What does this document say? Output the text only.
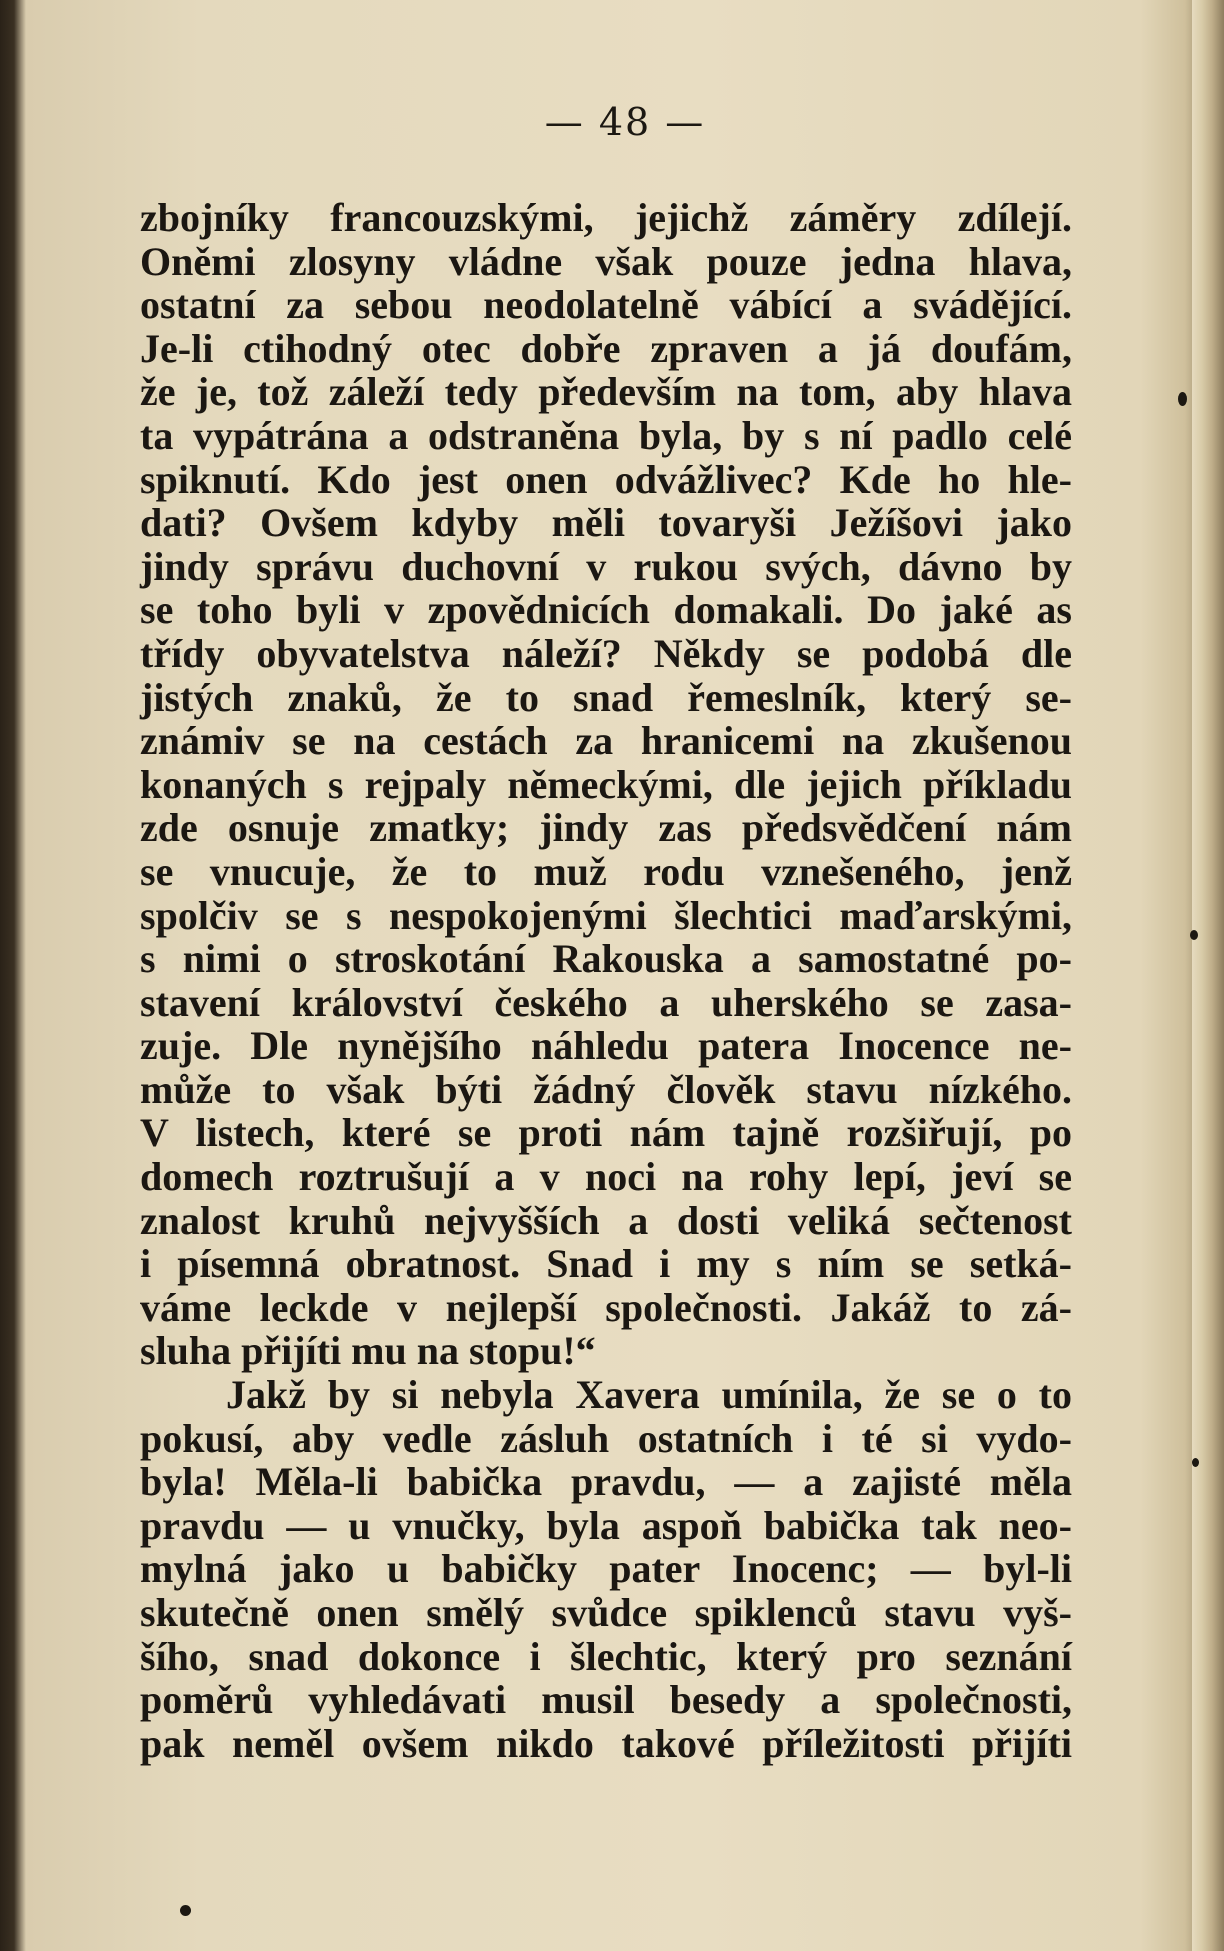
— 48 —
zbojníky francouzskými, jejichž záměry zdílejí.
Oněmi zlosyny vládne však pouze jedna hlava,
ostatní za sebou neodolatelně vábící a svádějící.
Je-li ctihodný otec dobře zpraven a já doufám,
že je, tož záleží tedy především na tom, aby hlava
ta vypátrána a odstraněna byla, by s ní padlo celé
spiknutí. Kdo jest onen odvážlivec? Kde ho hle-
dati? Ovšem kdyby měli tovaryši Ježíšovi jako
jindy správu duchovní v rukou svých, dávno by
se toho byli v zpovědnicích domakali. Do jaké as
třídy obyvatelstva náleží? Někdy se podobá dle
jistých znaků, že to snad řemeslník, který se-
známiv se na cestách za hranicemi na zkušenou
konaných s rejpaly německými, dle jejich příkladu
zde osnuje zmatky; jindy zas předsvědčení nám
se vnucuje, že to muž rodu vznešeného, jenž
spolčiv se s nespokojenými šlechtici maďarskými,
s nimi o stroskotání Rakouska a samostatné po-
stavení království českého a uherského se zasa-
zuje. Dle nynějšího náhledu patera Inocence ne-
může to však býti žádný člověk stavu nízkého.
V listech, které se proti nám tajně rozšiřují, po
domech roztrušují a v noci na rohy lepí, jeví se
znalost kruhů nejvyšších a dosti veliká sečtenost
i písemná obratnost. Snad i my s ním se setká-
váme leckde v nejlepší společnosti. Jakáž to zá-
sluha přijíti mu na stopu!“
Jakž by si nebyla Xavera umínila, že se o to
pokusí, aby vedle zásluh ostatních i té si vydo-
byla! Měla-li babička pravdu, — a zajisté měla
pravdu — u vnučky, byla aspoň babička tak neo-
mylná jako u babičky pater Inocenc; — byl-li
skutečně onen smělý svůdce spiklenců stavu vyš-
šího, snad dokonce i šlechtic, který pro seznání
poměrů vyhledávati musil besedy a společnosti,
pak neměl ovšem nikdo takové příležitosti přijíti
